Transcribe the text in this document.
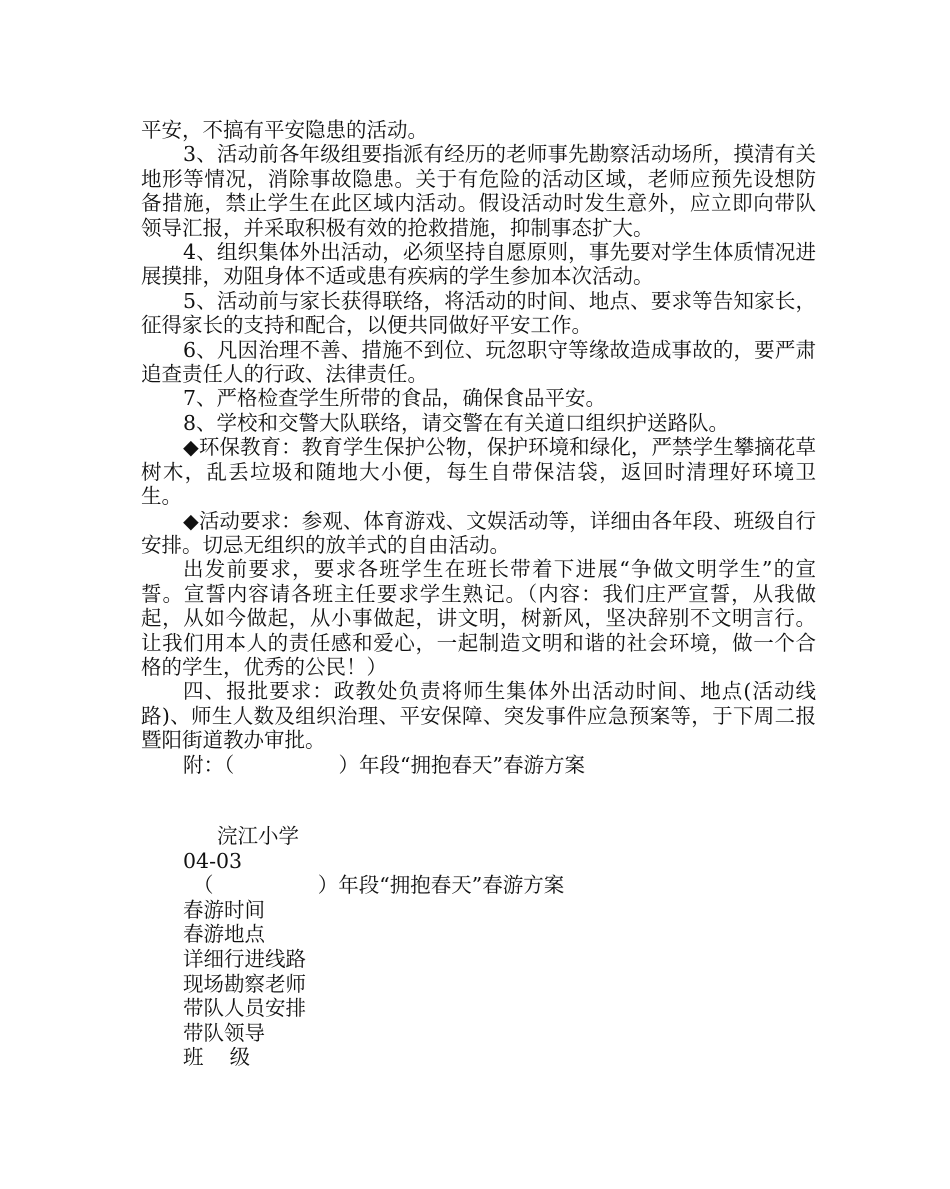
平安，不搞有平安隐患的活动。

3、活动前各年级组要指派有经历的老师事先勘察活动场所，摸清有关地形等情况，消除事故隐患。关于有危险的活动区域，老师应预先设想防备措施，禁止学生在此区域内活动。假设活动时发生意外，应立即向带队领导汇报，并采取积极有效的抢救措施，抑制事态扩大。

4、组织集体外出活动，必须坚持自愿原则，事先要对学生体质情况进展摸排，劝阻身体不适或患有疾病的学生参加本次活动。

5、活动前与家长获得联络，将活动的时间、地点、要求等告知家长，征得家长的支持和配合，以便共同做好平安工作。

6、凡因治理不善、措施不到位、玩忽职守等缘故造成事故的，要严肃追查责任人的行政、法律责任。

7、严格检查学生所带的食品，确保食品平安。

8、学校和交警大队联络，请交警在有关道口组织护送路队。

◆环保教育：教育学生保护公物，保护环境和绿化，严禁学生攀摘花草树木，乱丢垃圾和随地大小便，每生自带保洁袋，返回时清理好环境卫生。

◆活动要求：参观、体育游戏、文娱活动等，详细由各年段、班级自行安排。切忌无组织的放羊式的自由活动。

出发前要求，要求各班学生在班长带着下进展“争做文明学生”的宣誓。宣誓内容请各班主任要求学生熟记。（内容：我们庄严宣誓，从我做起，从如今做起，从小事做起，讲文明，树新风，坚决辞别不文明言行。让我们用本人的责任感和爱心，一起制造文明和谐的社会环境，做一个合格的学生，优秀的公民！）

四、报批要求：政教处负责将师生集体外出活动时间、地点(活动线路)、师生人数及组织治理、平安保障、突发事件应急预案等，于下周二报暨阳街道教办审批。

附：（                ）年段“拥抱春天”春游方案

浣江小学

04-03

（                ）年段“拥抱春天”春游方案

春游时间

春游地点

详细行进线路

现场勘察老师

带队人员安排

带队领导

班    级
